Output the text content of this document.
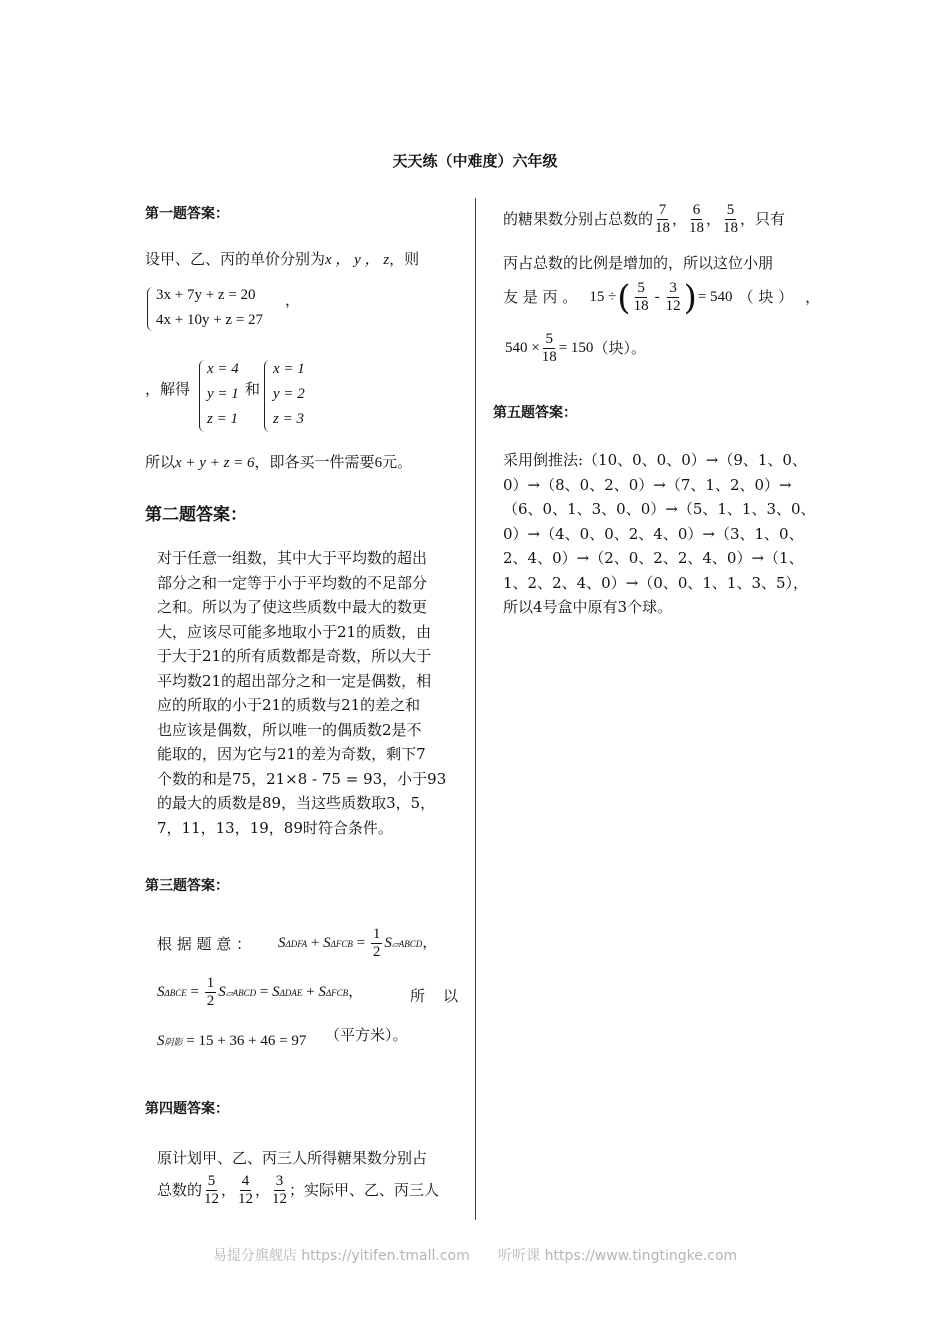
天天练（中难度）六年级
第一题答案：
设甲、乙、丙的单价分别为x ， y ， z，则
3x + 7y + z = 20
4x + 10y + z = 27
，
，解得
x = 4
y = 1
z = 1
和
x = 1
y = 2
z = 3
所以x + y + z = 6，即各买一件需要6元。
第二题答案：
对于任意一组数，其中大于平均数的超出
部分之和一定等于小于平均数的不足部分
之和。所以为了使这些质数中最大的数更
大，应该尽可能多地取小于21的质数，由
于大于21的所有质数都是奇数，所以大于
平均数21的超出部分之和一定是偶数，相
应的所取的小于21的质数与21的差之和
也应该是偶数，所以唯一的偶质数2是不
能取的，因为它与21的差为奇数，剩下7
个数的和是75，21×8 - 75 = 93，小于93
的最大的质数是89，当这些质数取3，5，
7，11，13，19，89时符合条件。
第三题答案：
根 据 题 意 ： $S\Delta DFA + S\Delta FCB = \frac{1}{2}$ S▱ABCD，
$S\Delta BCE = \frac{1}{2}$ S▱ABCD = SΔDAE + SΔFCB，	所 以
S阴影 = 15 + 36 + 46 = 97 （平方米）。
第四题答案：
原计划甲、乙、丙三人所得糖果数分别占
总数的 $\frac{5}{12}$ ， $\frac{4}{12}$ ， $\frac{3}{12}$ ；实际甲、乙、丙三人
的糖果数分别占总数的 $\frac{7}{18}$ ， $\frac{6}{18}$ ， $\frac{5}{18}$ ，只有
丙占总数的比例是增加的，所以这位小朋
友 是 丙 。 15 ÷ ( $\frac{5}{18} - \frac{3}{12}$ ) = 540 （ 块 ） ，
$540 \times \frac{5}{18} = 150$ （块）。
第五题答案：
采用倒推法:（10、0、0、0）→（9、1、0、
0）→（8、0、2、0）→（7、1、2、0）→
（6、0、1、3、0、0）→（5、1、1、3、0、
0）→（4、0、0、2、4、0）→（3、1、0、
2、4、0）→（2、0、2、2、4、0）→（1、
1、2、2、4、0）→（0、0、1、1、3、5），
所以4号盒中原有3个球。
易提分旗舰店 https://yitifen.tmall.com 听听课 https://www.tingtingke.com
